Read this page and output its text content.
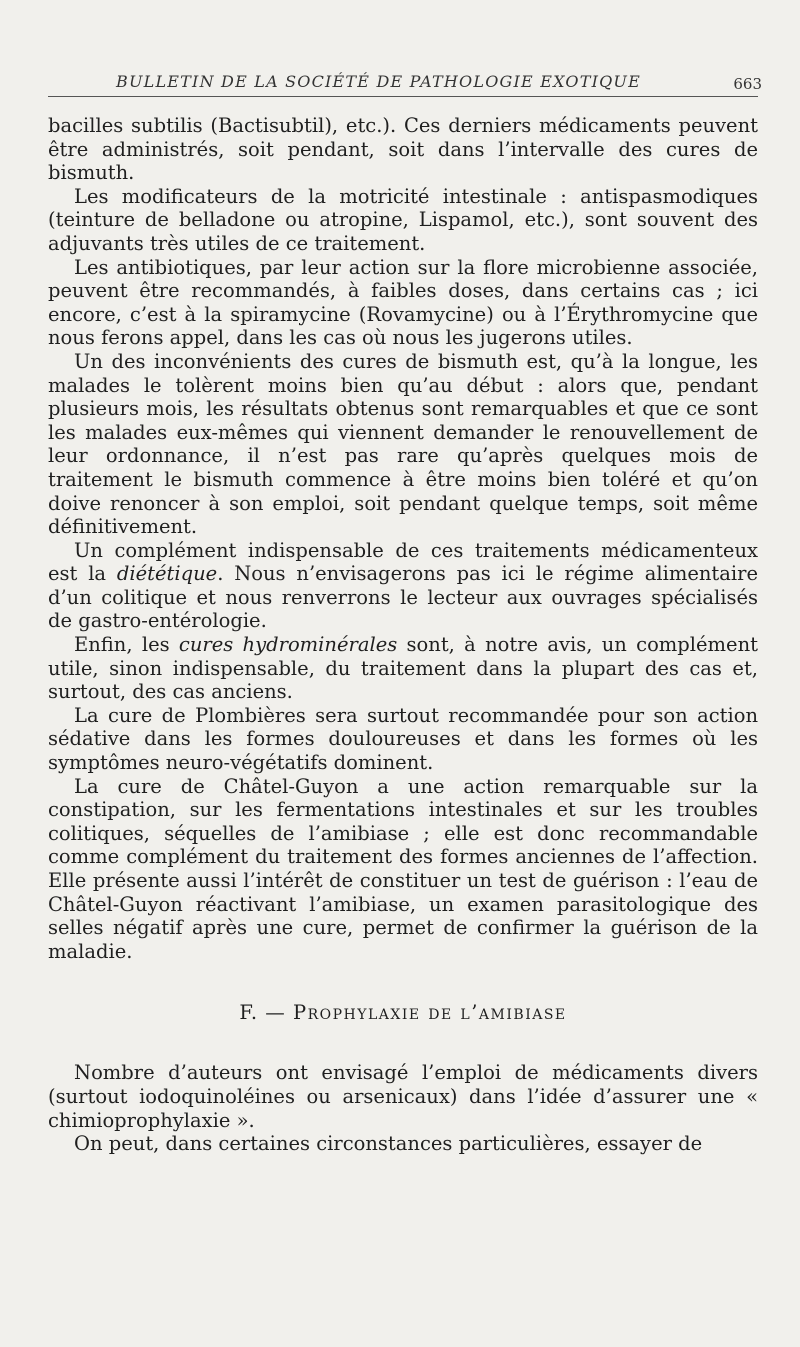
BULLETIN DE LA SOCIÉTÉ DE PATHOLOGIE EXOTIQUE	663

bacilles subtilis (Bactisubtil), etc.). Ces derniers médicaments peuvent être administrés, soit pendant, soit dans l’intervalle des cures de bismuth.

Les modificateurs de la motricité intestinale : antispasmodiques (teinture de belladone ou atropine, Lispamol, etc.), sont souvent des adjuvants très utiles de ce traitement.

Les antibiotiques, par leur action sur la flore microbienne associée, peuvent être recommandés, à faibles doses, dans certains cas ; ici encore, c’est à la spiramycine (Rovamycine) ou à l’Érythromycine que nous ferons appel, dans les cas où nous les jugerons utiles.

Un des inconvénients des cures de bismuth est, qu’à la longue, les malades le tolèrent moins bien qu’au début : alors que, pendant plusieurs mois, les résultats obtenus sont remarquables et que ce sont les malades eux-mêmes qui viennent demander le renouvellement de leur ordonnance, il n’est pas rare qu’après quelques mois de traitement le bismuth commence à être moins bien toléré et qu’on doive renoncer à son emploi, soit pendant quelque temps, soit même définitivement.

Un complément indispensable de ces traitements médicamenteux est la diététique. Nous n’envisagerons pas ici le régime alimentaire d’un colitique et nous renverrons le lecteur aux ouvrages spécialisés de gastro-entérologie.

Enfin, les cures hydrominérales sont, à notre avis, un complément utile, sinon indispensable, du traitement dans la plupart des cas et, surtout, des cas anciens.

La cure de Plombières sera surtout recommandée pour son action sédative dans les formes douloureuses et dans les formes où les symptômes neuro-végétatifs dominent.

La cure de Châtel-Guyon a une action remarquable sur la constipation, sur les fermentations intestinales et sur les troubles colitiques, séquelles de l’amibiase ; elle est donc recommandable comme complément du traitement des formes anciennes de l’affection. Elle présente aussi l’intérêt de constituer un test de guérison : l’eau de Châtel-Guyon réactivant l’amibiase, un examen parasitologique des selles négatif après une cure, permet de confirmer la guérison de la maladie.

F. — Prophylaxie de l’amibiase

Nombre d’auteurs ont envisagé l’emploi de médicaments divers (surtout iodoquinoléines ou arsenicaux) dans l’idée d’assurer une « chimioprophylaxie ».

On peut, dans certaines circonstances particulières, essayer de
